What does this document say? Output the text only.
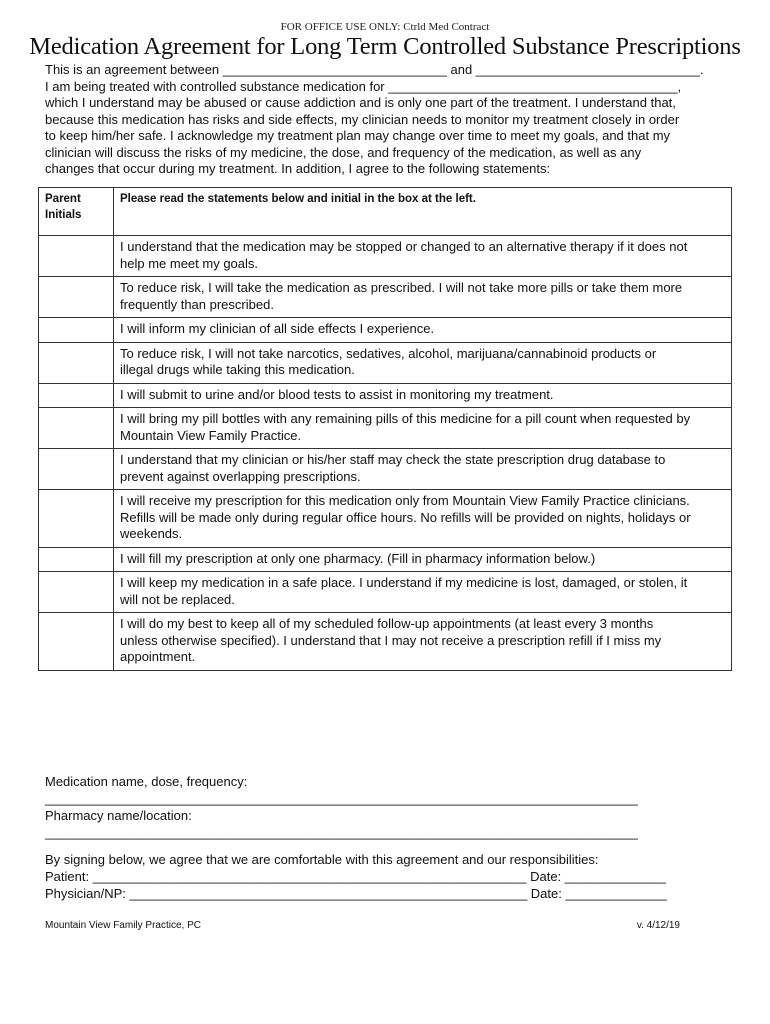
FOR OFFICE USE ONLY: Ctrld Med Contract
Medication Agreement for Long Term Controlled Substance Prescriptions

This is an agreement between _______________________________ and _______________________________.

I am being treated with controlled substance medication for ________________________________________,

which I understand may be abused or cause addiction and is only one part of the treatment. I understand that,

because this medication has risks and side effects, my clinician needs to monitor my treatment closely in order

to keep him/her safe. I acknowledge my treatment plan may change over time to meet my goals, and that my

clinician will discuss the risks of my medicine, the dose, and frequency of the medication, as well as any

changes that occur during my treatment. In addition, I agree to the following statements:

Parent
Initials	Please read the statements below and initial in the box at the left.

	I understand that the medication may be stopped or changed to an alternative therapy if it does not
help me meet my goals.

	To reduce risk, I will take the medication as prescribed. I will not take more pills or take them more
frequently than prescribed.

	I will inform my clinician of all side effects I experience.

	To reduce risk, I will not take narcotics, sedatives, alcohol, marijuana/cannabinoid products or
illegal drugs while taking this medication.

	I will submit to urine and/or blood tests to assist in monitoring my treatment.

	I will bring my pill bottles with any remaining pills of this medicine for a pill count when requested by
Mountain View Family Practice.

	I understand that my clinician or his/her staff may check the state prescription drug database to
prevent against overlapping prescriptions.

	I will receive my prescription for this medication only from Mountain View Family Practice clinicians.
Refills will be made only during regular office hours. No refills will be provided on nights, holidays or
weekends.

	I will fill my prescription at only one pharmacy. (Fill in pharmacy information below.)

	I will keep my medication in a safe place. I understand if my medicine is lost, damaged, or stolen, it
will not be replaced.

	I will do my best to keep all of my scheduled follow-up appointments (at least every 3 months
unless otherwise specified). I understand that I may not receive a prescription refill if I miss my
appointment.

Medication name, dose, frequency:

__________________________________________________________________________________

Pharmacy name/location:

__________________________________________________________________________________

By signing below, we agree that we are comfortable with this agreement and our responsibilities:

Patient: ____________________________________________________________ Date: ______________

Physician/NP: _______________________________________________________ Date: ______________

Mountain View Family Practice, PC	v. 4/12/19
